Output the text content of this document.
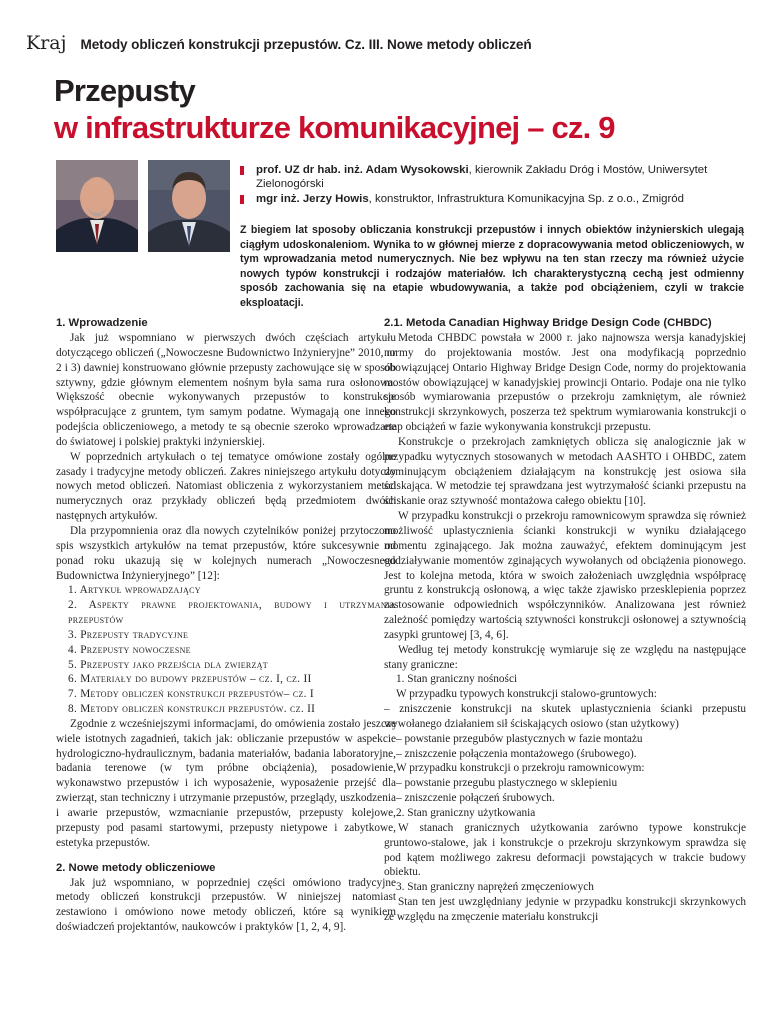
Kraj Metody obliczeń konstrukcji przepustów. Cz. III. Nowe metody obliczeń
Przepusty
w infrastrukturze komunikacyjnej – cz. 9
prof. UZ dr hab. inż. Adam Wysokowski, kierownik Zakładu Dróg i Mostów, Uniwersytet Zielonogórski
mgr inż. Jerzy Howis, konstruktor, Infrastruktura Komunikacyjna Sp. z o.o., Zmigród
Z biegiem lat sposoby obliczania konstrukcji przepustów i innych obiektów inżynierskich ulegają ciągłym udoskonaleniom. Wynika to w głównej mierze z dopracowywania metod obliczeniowych, w tym wprowadzania metod numerycznych. Nie bez wpływu na ten stan rzeczy ma również użycie nowych typów konstrukcji i rodzajów materiałów. Ich charakterystyczną cechą jest odmienny sposób zachowania się na etapie wbudowywania, a także pod obciążeniem, czyli w trakcie eksploatacji.
1. Wprowadzenie

Jak już wspomniano w pierwszych dwóch częściach artykułu dotyczącego obliczeń („Nowoczesne Budownictwo Inżynieryjne” 2010, nr 2 i 3) dawniej konstruowano głównie przepusty zachowujące się w sposób sztywny, gdzie głównym elementem nośnym była sama rura osłonowa. Większość obecnie wykonywanych przepustów to konstrukcje współpracujące z gruntem, tym samym podatne. Wymagają one innego podejścia obliczeniowego, a metody te są obecnie szeroko wprowadzane do światowej i polskiej praktyki inżynierskiej.

W poprzednich artykułach o tej tematyce omówione zostały ogólne zasady i tradycyjne metody obliczeń. Zakres niniejszego artykułu dotyczy nowych metod obliczeń. Natomiast obliczenia z wykorzystaniem metod numerycznych oraz przykłady obliczeń będą przedmiotem dwóch następnych artykułów.

Dla przypomnienia oraz dla nowych czytelników poniżej przytoczono spis wszystkich artykułów na temat przepustów, które sukcesywnie od ponad roku ukazują się w kolejnych numerach „Nowoczesnego Budownictwa Inżynieryjnego” [12]:

1. Artykuł wprowadzający
2. Aspekty prawne projektowania, budowy i utrzymania przepustów
3. Przepusty tradycyjne
4. Przepusty nowoczesne
5. Przepusty jako przejścia dla zwierząt
6. Materiały do budowy przepustów – cz. I, cz. II
7. Metody obliczeń konstrukcji przepustów– cz. I
8. Metody obliczeń konstrukcji przepustów. cz. II

Zgodnie z wcześniejszymi informacjami, do omówienia zostało jeszcze wiele istotnych zagadnień, takich jak: obliczanie przepustów w aspekcie hydrologiczno-hydraulicznym, badania materiałów, badania laboratoryjne, badania terenowe (w tym próbne obciążenia), posadowienie, wykonawstwo przepustów i ich wyposażenie, wyposażenie przejść dla zwierząt, stan techniczny i utrzymanie przepustów, przeglądy, uszkodzenia i awarie przepustów, wzmacnianie przepustów, przepusty kolejowe, przepusty pod pasami startowymi, przepusty nietypowe i zabytkowe, estetyka przepustów.

2. Nowe metody obliczeniowe

Jak już wspomniano, w poprzedniej części omówiono tradycyjne metody obliczeń konstrukcji przepustów. W niniejszej natomiast zestawiono i omówiono nowe metody obliczeń, które są wynikiem doświadczeń projektantów, naukowców i praktyków [1, 2, 4, 9].

2.1. Metoda Canadian Highway Bridge Design Code (CHBDC)

Metoda CHBDC powstała w 2000 r. jako najnowsza wersja kanadyjskiej normy do projektowania mostów. Jest ona modyfikacją poprzednio obowiązującej Ontario Highway Bridge Design Code, normy do projektowania mostów obowiązującej w kanadyjskiej prowincji Ontario. Podaje ona nie tylko sposób wymiarowania przepustów o przekroju zamkniętym, ale również konstrukcji skrzynkowych, poszerza też spektrum wymiarowania konstrukcji o etap obciążeń w fazie wykonywania konstrukcji przepustu.

Konstrukcje o przekrojach zamkniętych oblicza się analogicznie jak w przypadku wytycznych stosowanych w metodach AASHTO i OHBDC, zatem dominującym obciążeniem działającym na konstrukcję jest osiowa siła ściskająca. W metodzie tej sprawdzana jest wytrzymałość ścianki przepustu na ściskanie oraz sztywność montażowa całego obiektu [10].

W przypadku konstrukcji o przekroju ramownicowym sprawdza się również możliwość uplastycznienia ścianki konstrukcji w wyniku działającego momentu zginającego. Jak można zauważyć, efektem dominującym jest oddziaływanie momentów zginających wywołanych od obciążenia pionowego. Jest to kolejna metoda, która w swoich założeniach uwzględnia współpracę gruntu z konstrukcją osłonową, a więc także zjawisko przesklepienia poprzez zastosowanie odpowiednich współczynników. Analizowana jest również zależność pomiędzy wartością sztywności konstrukcji osłonowej a sztywnością zasypki gruntowej [3, 4, 6].

Według tej metody konstrukcję wymiaruje się ze względu na następujące stany graniczne:

1. Stan graniczny nośności

W przypadku typowych konstrukcji stalowo-gruntowych:

– zniszczenie konstrukcji na skutek uplastycznienia ścianki przepustu wywołanego działaniem sił ściskających osiowo (stan użytkowy)

– powstanie przegubów plastycznych w fazie montażu

– zniszczenie połączenia montażowego (śrubowego).

W przypadku konstrukcji o przekroju ramownicowym:

– powstanie przegubu plastycznego w sklepieniu

– zniszczenie połączeń śrubowych.

2. Stan graniczny użytkowania

W stanach granicznych użytkowania zarówno typowe konstrukcje gruntowo-stalowe, jak i konstrukcje o przekroju skrzynkowym sprawdza się pod kątem możliwego zakresu deformacji powstających w trakcie budowy obiektu.

3. Stan graniczny naprężeń zmęczeniowych

Stan ten jest uwzględniany jedynie w przypadku konstrukcji skrzynkowych ze względu na zmęczenie materiału konstrukcji
